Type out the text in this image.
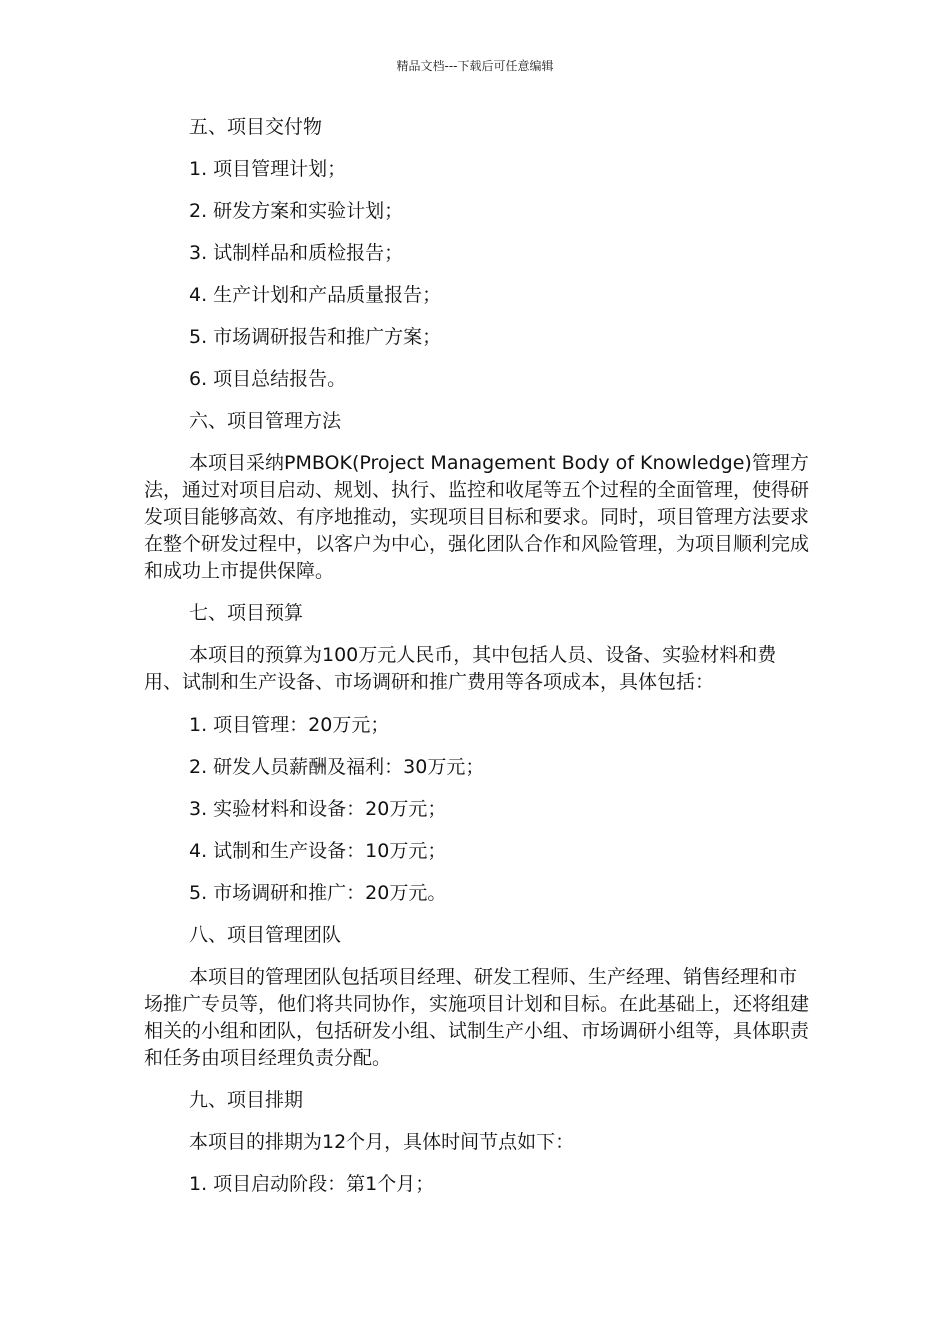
精品文档---下载后可任意编辑

五、项目交付物

1. 项目管理计划；

2. 研发方案和实验计划；

3. 试制样品和质检报告；

4. 生产计划和产品质量报告；

5. 市场调研报告和推广方案；

6. 项目总结报告。

六、项目管理方法

本项目采纳PMBOK(Project Management Body of Knowledge)管理方法，通过对项目启动、规划、执行、监控和收尾等五个过程的全面管理，使得研发项目能够高效、有序地推动，实现项目目标和要求。同时，项目管理方法要求在整个研发过程中，以客户为中心，强化团队合作和风险管理，为项目顺利完成和成功上市提供保障。

七、项目预算

本项目的预算为100万元人民币，其中包括人员、设备、实验材料和费用、试制和生产设备、市场调研和推广费用等各项成本，具体包括：

1. 项目管理：20万元；

2. 研发人员薪酬及福利：30万元；

3. 实验材料和设备：20万元；

4. 试制和生产设备：10万元；

5. 市场调研和推广：20万元。

八、项目管理团队

本项目的管理团队包括项目经理、研发工程师、生产经理、销售经理和市场推广专员等，他们将共同协作，实施项目计划和目标。在此基础上，还将组建相关的小组和团队，包括研发小组、试制生产小组、市场调研小组等，具体职责和任务由项目经理负责分配。

九、项目排期

本项目的排期为12个月，具体时间节点如下：

1. 项目启动阶段：第1个月；
